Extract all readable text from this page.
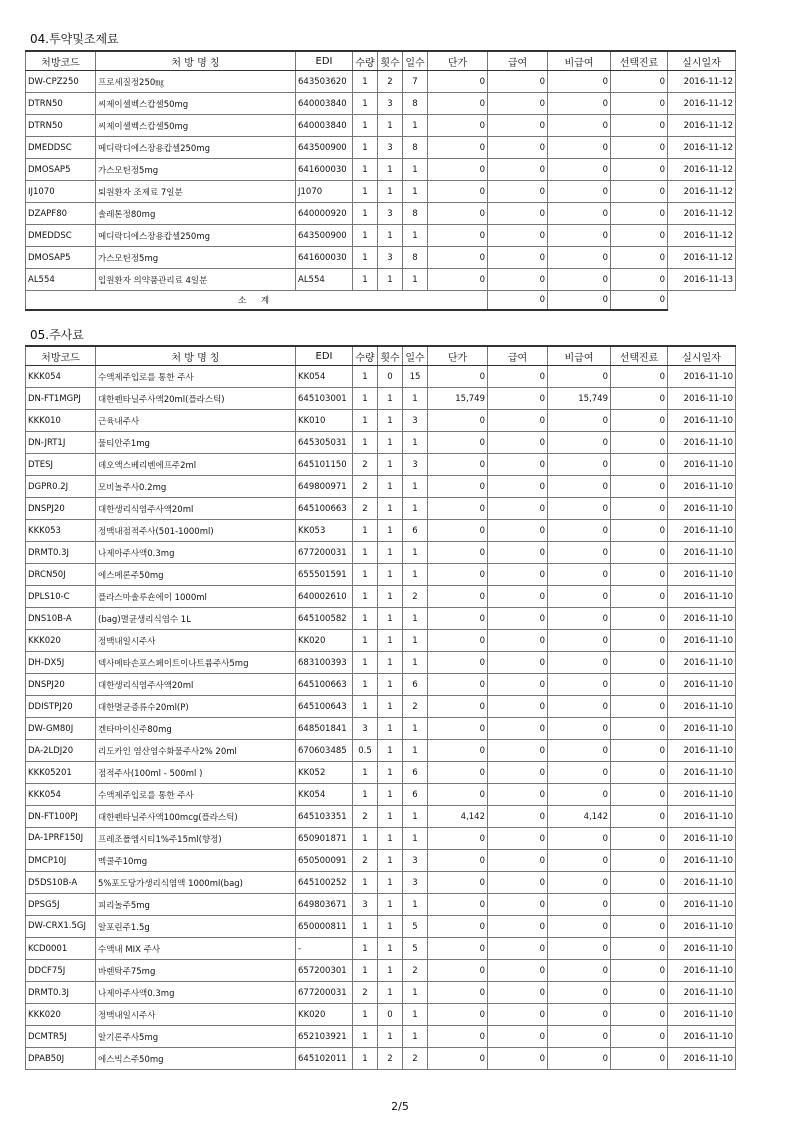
04.투약및조제료
처방코드	처 방 명 칭	EDI	수량	횟수	일수	단가	급여	비급여	선택진료	실시일자
DW-CPZ250	프로세질정250㎎	643503620	1	2	7	0	0	0	0	2016-11-12
DTRN50	씨제이셀벡스캅셀50mg	640003840	1	3	8	0	0	0	0	2016-11-12
DTRN50	씨제이셀벡스캅셀50mg	640003840	1	1	1	0	0	0	0	2016-11-12
DMEDDSC	메디락디에스장용캅셀250mg	643500900	1	3	8	0	0	0	0	2016-11-12
DMOSAP5	가스모틴정5mg	641600030	1	1	1	0	0	0	0	2016-11-12
IJ1070	퇴원환자 조제료 7일분	J1070	1	1	1	0	0	0	0	2016-11-12
DZAPF80	솔레톤정80mg	640000920	1	3	8	0	0	0	0	2016-11-12
DMEDDSC	메디락디에스장용캅셀250mg	643500900	1	1	1	0	0	0	0	2016-11-12
DMOSAP5	가스모틴정5mg	641600030	1	3	8	0	0	0	0	2016-11-12
AL554	입원환자 의약품관리료 4일분	AL554	1	1	1	0	0	0	0	2016-11-13
소 계							0	0	0	
05.주사료
처방코드	처 방 명 칭	EDI	수량	횟수	일수	단가	급여	비급여	선택진료	실시일자
KKK054	수액제주입로를 통한 주사	KK054	1	0	15	0	0	0	0	2016-11-10
DN-FT1MGPJ	대한펜타닐주사액20ml(플라스틱)	645103001	1	1	1	15,749	0	15,749	0	2016-11-10
KKK010	근육내주사	KK010	1	1	3	0	0	0	0	2016-11-10
DN-JRT1J	물티안주1mg	645305031	1	1	1	0	0	0	0	2016-11-10
DTESJ	데오액스베리벤에프주2ml	645101150	2	1	3	0	0	0	0	2016-11-10
DGPR0.2J	모비놀주사0.2mg	649800971	2	1	1	0	0	0	0	2016-11-10
DNSPJ20	대한생리식염주사액20ml	645100663	2	1	1	0	0	0	0	2016-11-10
KKK053	정맥내점적주사(501-1000ml)	KK053	1	1	6	0	0	0	0	2016-11-10
DRMT0.3J	나제아주사액0.3mg	677200031	1	1	1	0	0	0	0	2016-11-10
DRCN50J	에스메론주50mg	655501591	1	1	1	0	0	0	0	2016-11-10
DPLS10-C	플라스마솔루숀에이 1000ml	640002610	1	1	2	0	0	0	0	2016-11-10
DNS10B-A	(bag)멸균생리식염수 1L	645100582	1	1	1	0	0	0	0	2016-11-10
KKK020	정맥내일시주사	KK020	1	1	1	0	0	0	0	2016-11-10
DH-DX5J	덱사메타손포스페이트이나트륨주사5mg	683100393	1	1	1	0	0	0	0	2016-11-10
DNSPJ20	대한생리식염주사액20ml	645100663	1	1	6	0	0	0	0	2016-11-10
DDISTPJ20	대한멸균증류수20ml(P)	645100643	1	1	2	0	0	0	0	2016-11-10
DW-GM80J	겐타마이신주80mg	648501841	3	1	1	0	0	0	0	2016-11-10
DA-2LDJ20	리도카인 염산염수화물주사2% 20ml	670603485	0.5	1	1	0	0	0	0	2016-11-10
KKK05201	점적주사(100ml - 500ml )	KK052	1	1	6	0	0	0	0	2016-11-10
KKK054	수액제주입로를 통한 주사	KK054	1	1	6	0	0	0	0	2016-11-10
DN-FT100PJ	대한펜타닐주사액100mcg(플라스틱)	645103351	2	1	1	4,142	0	4,142	0	2016-11-10
DA-1PRF150J	프레조폴엠시티1%주15ml(향정)	650901871	1	1	1	0	0	0	0	2016-11-10
DMCP10J	멕쿨주10mg	650500091	2	1	3	0	0	0	0	2016-11-10
D5DS10B-A	5%포도당가생리식염액 1000ml(bag)	645100252	1	1	3	0	0	0	0	2016-11-10
DPSG5J	피리놀주5mg	649803671	3	1	1	0	0	0	0	2016-11-10
DW-CRX1.5GJ	알포린주1.5g	650000811	1	1	5	0	0	0	0	2016-11-10
KCD0001	수액내 MIX 주사	-	1	1	5	0	0	0	0	2016-11-10
DDCF75J	바렌탁주75mg	657200301	1	1	2	0	0	0	0	2016-11-10
DRMT0.3J	나제아주사액0.3mg	677200031	2	1	1	0	0	0	0	2016-11-10
KKK020	정맥내일시주사	KK020	1	0	1	0	0	0	0	2016-11-10
DCMTR5J	알기론주사5mg	652103921	1	1	1	0	0	0	0	2016-11-10
DPAB50J	에스빅스주50mg	645102011	1	2	2	0	0	0	0	2016-11-10
2/5
